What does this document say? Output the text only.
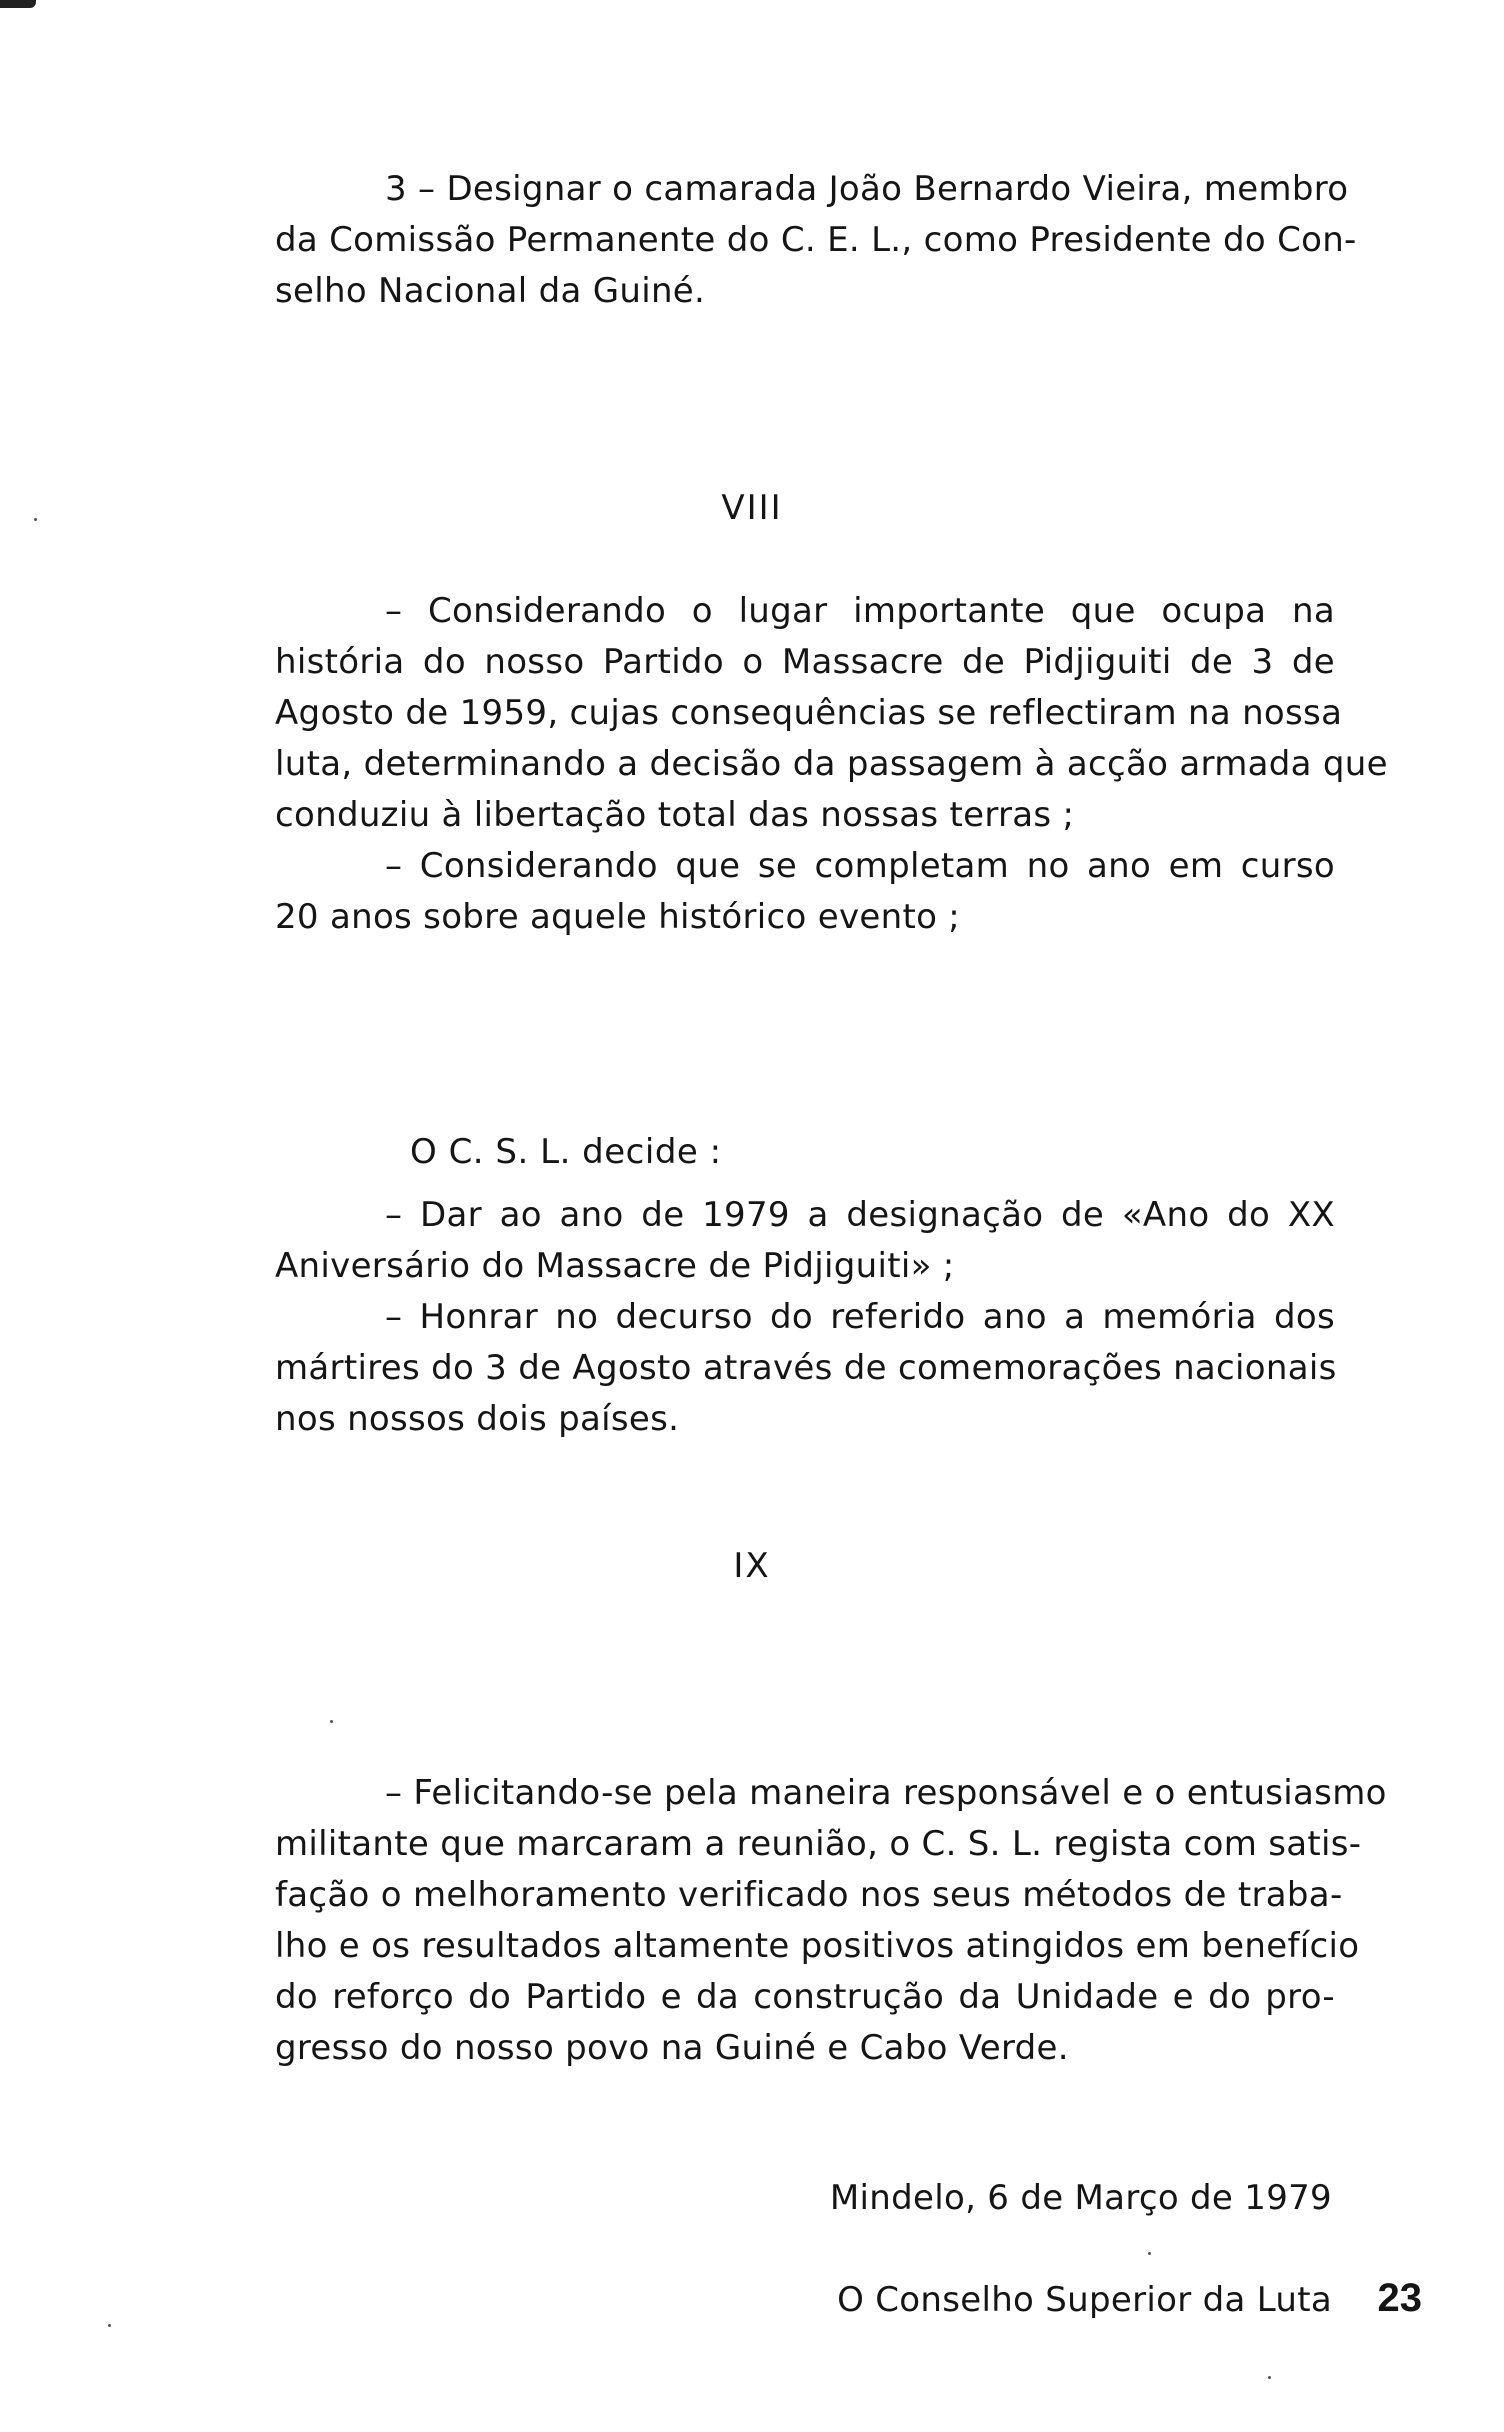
3 – Designar o camarada João Bernardo Vieira, membro
da Comissão Permanente do C. E. L., como Presidente do Con-
selho Nacional da Guiné.
VIII
– Considerando o lugar importante que ocupa na
história do nosso Partido o Massacre de Pidjiguiti de 3 de
Agosto de 1959, cujas consequências se reflectiram na nossa
luta, determinando a decisão da passagem à acção armada que
conduziu à libertação total das nossas terras ;
– Considerando que se completam no ano em curso
20 anos sobre aquele histórico evento ;
O C. S. L. decide :
– Dar ao ano de 1979 a designação de «Ano do XX
Aniversário do Massacre de Pidjiguiti» ;
– Honrar no decurso do referido ano a memória dos
mártires do 3 de Agosto através de comemorações nacionais
nos nossos dois países.
IX
– Felicitando-se pela maneira responsável e o entusiasmo
militante que marcaram a reunião, o C. S. L. regista com satis-
fação o melhoramento verificado nos seus métodos de traba-
lho e os resultados altamente positivos atingidos em benefício
do reforço do Partido e da construção da Unidade e do pro-
gresso do nosso povo na Guiné e Cabo Verde.
Mindelo, 6 de Março de 1979
O Conselho Superior da Luta 23
